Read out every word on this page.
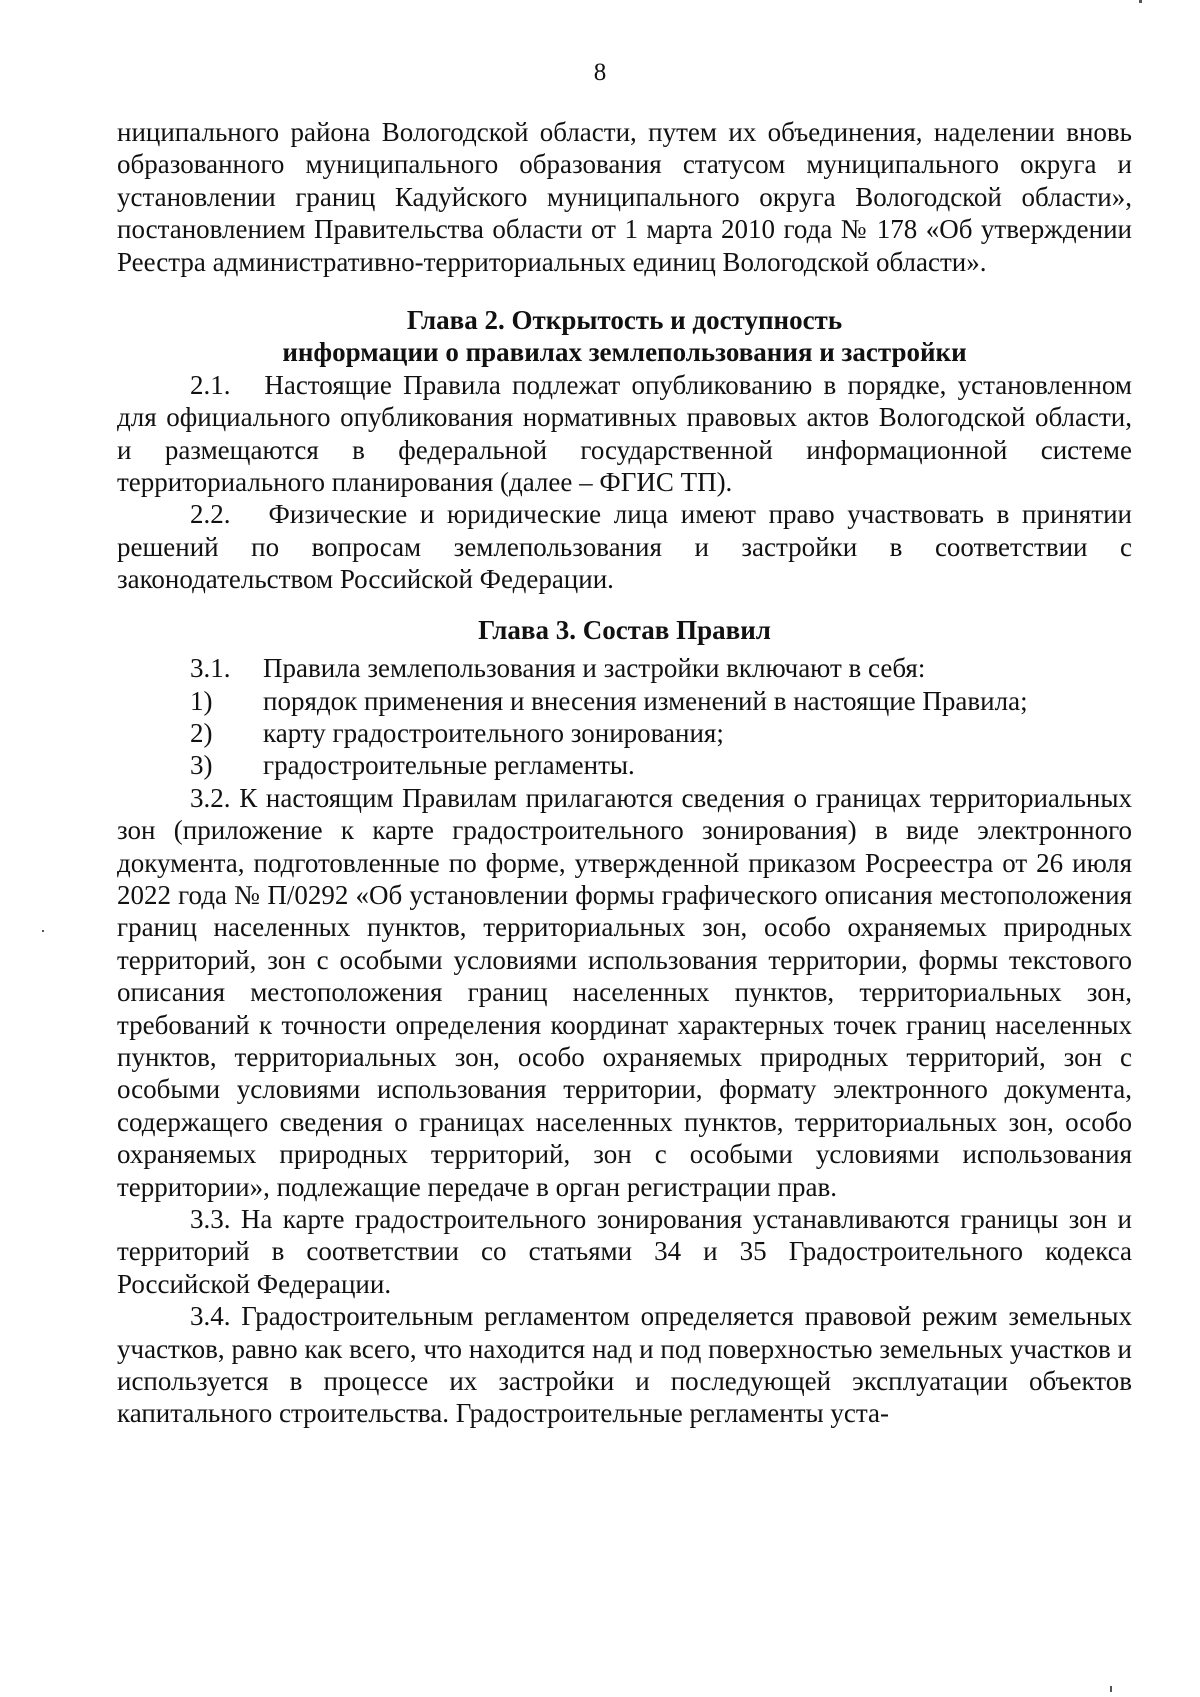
8

ниципального района Вологодской области, путем их объединения, наделении вновь образованного муниципального образования статусом муниципального округа и установлении границ Кадуйского муниципального округа Вологодской области», постановлением Правительства области от 1 марта 2010 года № 178 «Об утверждении Реестра административно-территориальных единиц Вологодской области».

Глава 2. Открытость и доступность

информации о правилах землепользования и застройки

2.1. Настоящие Правила подлежат опубликованию в порядке, установленном для официального опубликования нормативных правовых актов Вологодской области, и размещаются в федеральной государственной информационной системе территориального планирования (далее – ФГИС ТП).

2.2. Физические и юридические лица имеют право участвовать в принятии решений по вопросам землепользования и застройки в соответствии с законодательством Российской Федерации.

Глава 3. Состав Правил

3.1.	Правила землепользования и застройки включают в себя:

1)	порядок применения и внесения изменений в настоящие Правила;

2)	карту градостроительного зонирования;

3)	градостроительные регламенты.

3.2. К настоящим Правилам прилагаются сведения о границах территориальных зон (приложение к карте градостроительного зонирования) в виде электронного документа, подготовленные по форме, утвержденной приказом Росреестра от 26 июля 2022 года № П/0292 «Об установлении формы графического описания местоположения границ населенных пунктов, территориальных зон, особо охраняемых природных территорий, зон с особыми условиями использования территории, формы текстового описания местоположения границ населенных пунктов, территориальных зон, требований к точности определения координат характерных точек границ населенных пунктов, территориальных зон, особо охраняемых природных территорий, зон с особыми условиями использования территории, формату электронного документа, содержащего сведения о границах населенных пунктов, территориальных зон, особо охраняемых природных территорий, зон с особыми условиями использования территории», подлежащие передаче в орган регистрации прав.

3.3. На карте градостроительного зонирования устанавливаются границы зон и территорий в соответствии со статьями 34 и 35 Градостроительного кодекса Российской Федерации.

3.4. Градостроительным регламентом определяется правовой режим земельных участков, равно как всего, что находится над и под поверхностью земельных участков и используется в процессе их застройки и последующей эксплуатации объектов капитального строительства. Градостроительные регламенты уста-
